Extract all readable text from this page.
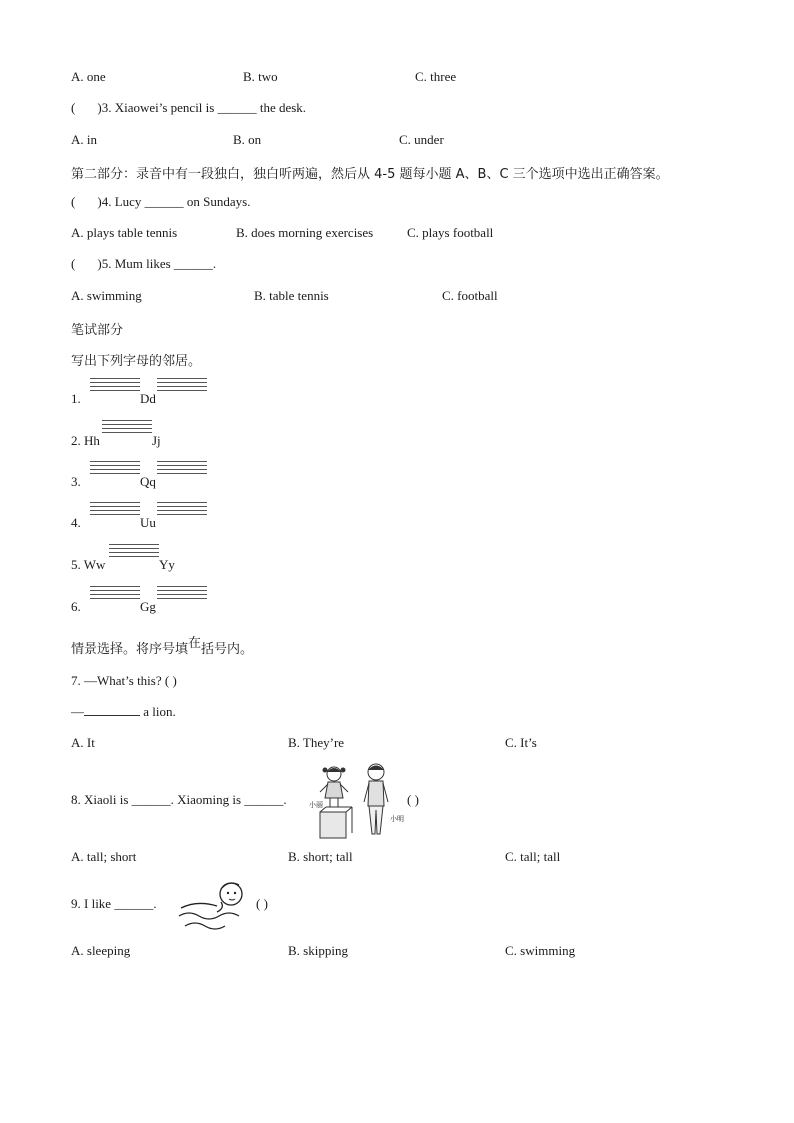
A. one	B. two	C. three
( )3. Xiaowei’s pencil is ______ the desk.
A. in	B. on	C. under
第二部分：录音中有一段独白，独白听两遍，然后从 4-5 题每小题 A、B、C 三个选项中选出正确答案。
( )4. Lucy ______ on Sundays.
A. plays table tennis	B. does morning exercises	C. plays football
( )5. Mum likes ______.
A. swimming	B. table tennis	C. football
笔试部分
写出下列字母的邻居。
1.	Dd
2. Hh	Jj
3.	Qq
4.	Uu
5. Ww	Yy
6.	Gg
情景选择。将序号填在括号内。
7. —What’s this? ( )
—	a lion.
A. It	B. They’re	C. It’s
8. Xiaoli is ______. Xiaoming is ______.	小丽
小明
( )
A. tall; short	B. short; tall	C. tall; tall
9. I like ______.	( )
A. sleeping	B. skipping	C. swimming
